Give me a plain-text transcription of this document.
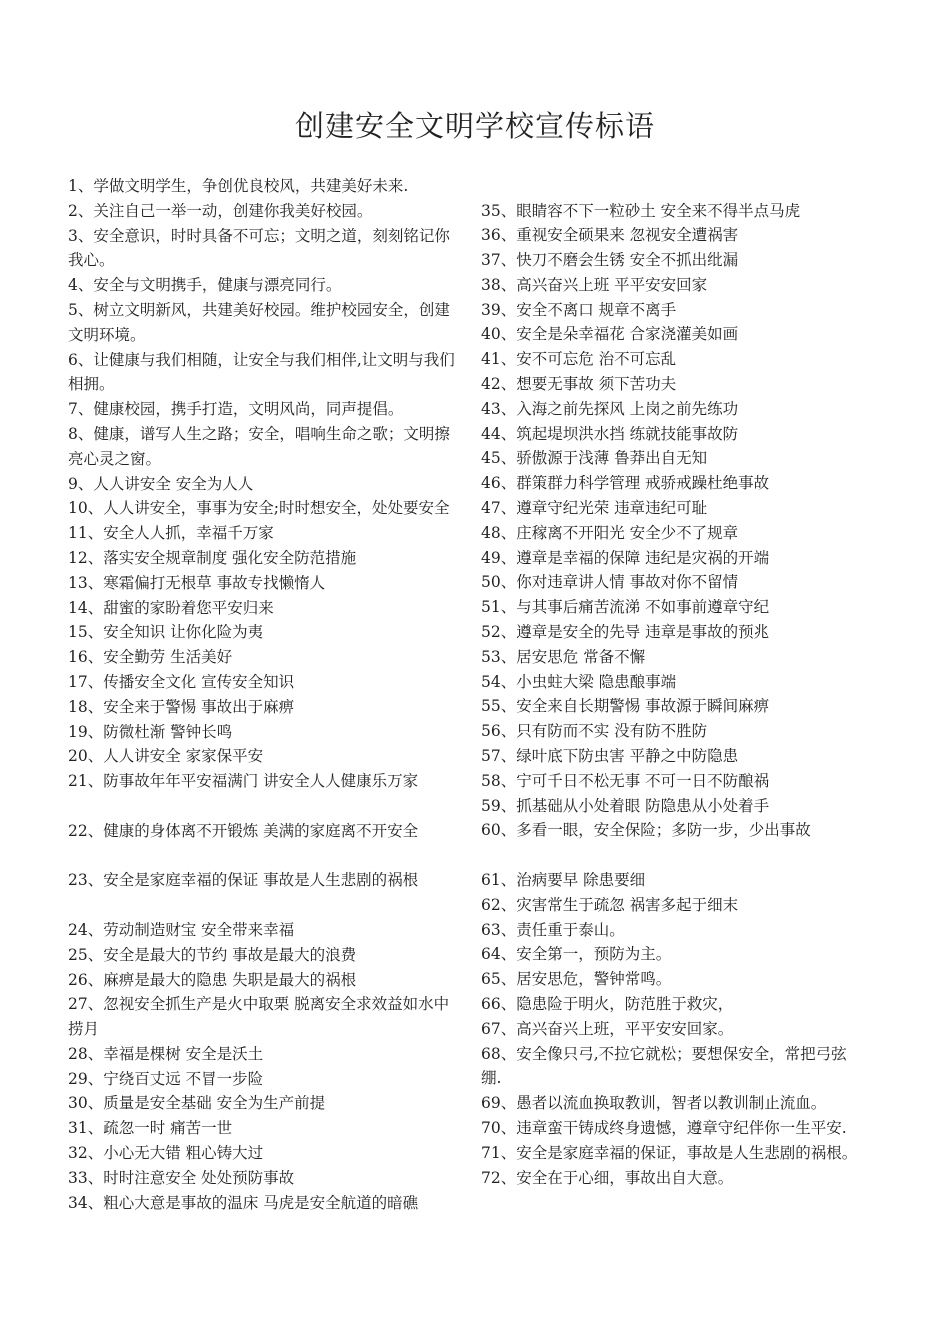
创建安全文明学校宣传标语

1、学做文明学生，争创优良校风，共建美好未来.

2、关注自己一举一动，创建你我美好校园。

3、安全意识，时时具备不可忘；文明之道，刻刻铭记你我心。

4、安全与文明携手，健康与漂亮同行。

5、树立文明新风，共建美好校园。维护校园安全，创建文明环境。

6、让健康与我们相随，让安全与我们相伴,让文明与我们相拥。

7、健康校园，携手打造，文明风尚，同声提倡。

8、健康，谱写人生之路；安全，唱响生命之歌；文明擦亮心灵之窗。

9、人人讲安全 安全为人人

10、人人讲安全，事事为安全;时时想安全，处处要安全

11、安全人人抓，幸福千万家

12、落实安全规章制度 强化安全防范措施

13、寒霜偏打无根草 事故专找懒惰人

14、甜蜜的家盼着您平安归来

15、安全知识 让你化险为夷

16、安全勤劳 生活美好

17、传播安全文化 宣传安全知识

18、安全来于警惕 事故出于麻痹

19、防微杜渐 警钟长鸣

20、人人讲安全 家家保平安

21、防事故年年平安福满门 讲安全人人健康乐万家

22、健康的身体离不开锻炼 美满的家庭离不开安全

23、安全是家庭幸福的保证 事故是人生悲剧的祸根

24、劳动制造财宝 安全带来幸福

25、安全是最大的节约 事故是最大的浪费

26、麻痹是最大的隐患 失职是最大的祸根

27、忽视安全抓生产是火中取栗 脱离安全求效益如水中捞月

28、幸福是棵树 安全是沃土

29、宁绕百丈远 不冒一步险

30、质量是安全基础 安全为生产前提

31、疏忽一时 痛苦一世

32、小心无大错 粗心铸大过

33、时时注意安全 处处预防事故

34、粗心大意是事故的温床 马虎是安全航道的暗礁

35、眼睛容不下一粒砂土 安全来不得半点马虎

36、重视安全硕果来 忽视安全遭祸害

37、快刀不磨会生锈 安全不抓出纰漏

38、高兴奋兴上班 平平安安回家

39、安全不离口 规章不离手

40、安全是朵幸福花 合家浇灌美如画

41、安不可忘危 治不可忘乱

42、想要无事故 须下苦功夫

43、入海之前先探风 上岗之前先练功

44、筑起堤坝洪水挡 练就技能事故防

45、骄傲源于浅薄 鲁莽出自无知

46、群策群力科学管理 戒骄戒躁杜绝事故

47、遵章守纪光荣 违章违纪可耻

48、庄稼离不开阳光 安全少不了规章

49、遵章是幸福的保障 违纪是灾祸的开端

50、你对违章讲人情 事故对你不留情

51、与其事后痛苦流涕 不如事前遵章守纪

52、遵章是安全的先导 违章是事故的预兆

53、居安思危 常备不懈

54、小虫蛀大梁 隐患酿事端

55、安全来自长期警惕 事故源于瞬间麻痹

56、只有防而不实 没有防不胜防

57、绿叶底下防虫害 平静之中防隐患

58、宁可千日不松无事 不可一日不防酿祸

59、抓基础从小处着眼 防隐患从小处着手

60、多看一眼，安全保险；多防一步，少出事故

61、治病要早 除患要细

62、灾害常生于疏忽 祸害多起于细末

63、责任重于泰山。

64、安全第一，预防为主。

65、居安思危，警钟常鸣。

66、隐患险于明火，防范胜于救灾，

67、高兴奋兴上班，平平安安回家。

68、安全像只弓,不拉它就松；要想保安全，常把弓弦绷.

69、愚者以流血换取教训，智者以教训制止流血。

70、违章蛮干铸成终身遗憾，遵章守纪伴你一生平安.

71、安全是家庭幸福的保证，事故是人生悲剧的祸根。

72、安全在于心细，事故出自大意。
